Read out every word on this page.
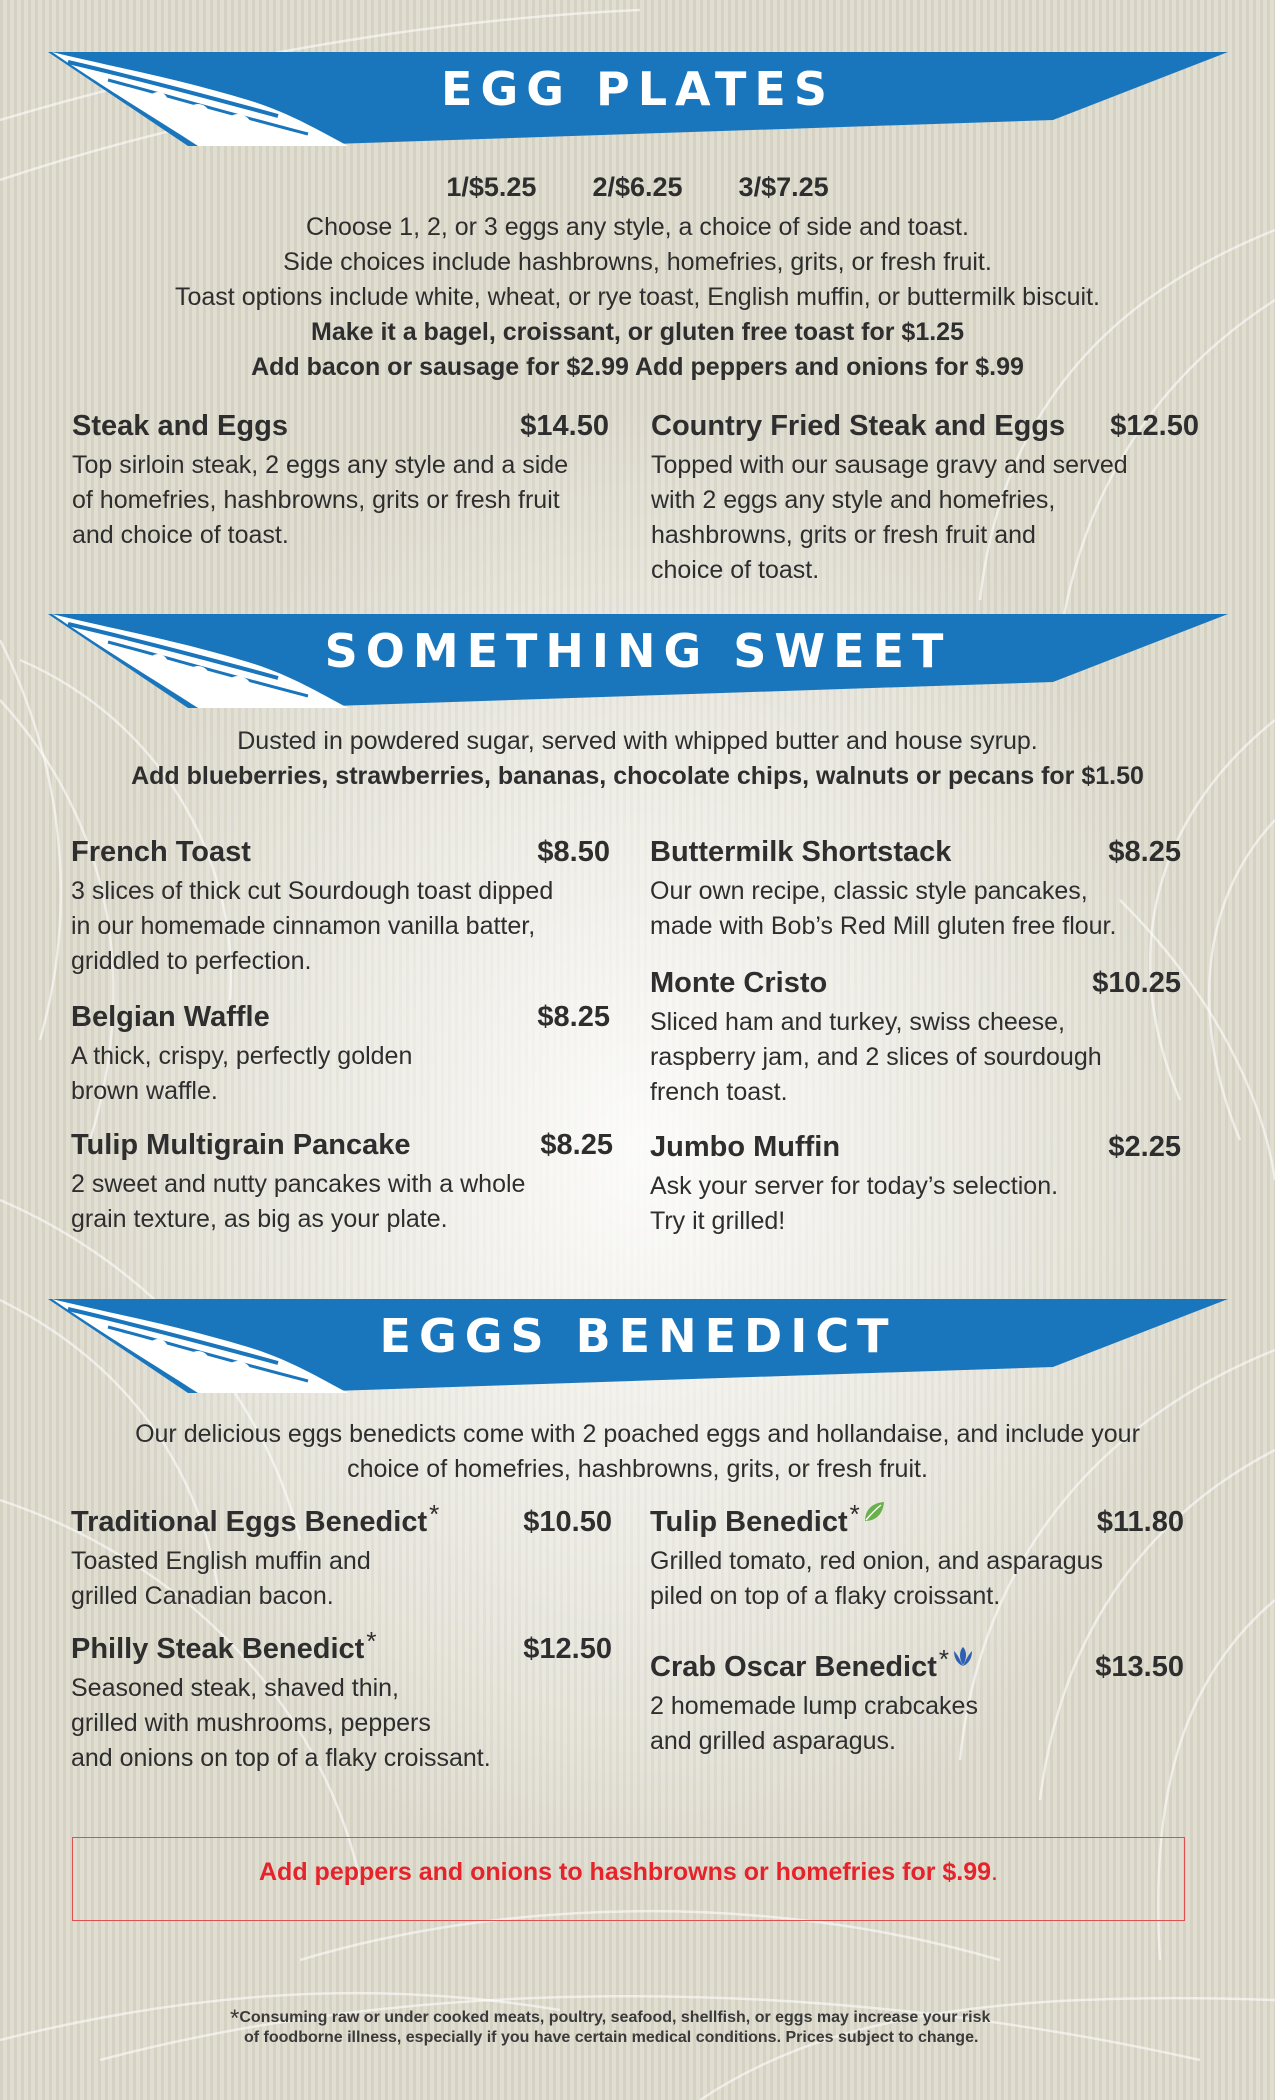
EGG PLATES
1/$5.25 2/$6.25 3/$7.25
Choose 1, 2, or 3 eggs any style, a choice of side and toast.
Side choices include hashbrowns, homefries, grits, or fresh fruit.
Toast options include white, wheat, or rye toast, English muffin, or buttermilk biscuit.
Make it a bagel, croissant, or gluten free toast for $1.25
Add bacon or sausage for $2.99 Add peppers and onions for $.99
Steak and Eggs	$14.50
Top sirloin steak, 2 eggs any style and a side
of homefries, hashbrowns, grits or fresh fruit
and choice of toast.
Country Fried Steak and Eggs $12.50
Topped with our sausage gravy and served
with 2 eggs any style and homefries,
hashbrowns, grits or fresh fruit and
choice of toast.
SOMETHING SWEET
Dusted in powdered sugar, served with whipped butter and house syrup.
Add blueberries, strawberries, bananas, chocolate chips, walnuts or pecans for $1.50
French Toast	$8.50
3 slices of thick cut Sourdough toast dipped
in our homemade cinnamon vanilla batter,
griddled to perfection.
Belgian Waffle	$8.25
A thick, crispy, perfectly golden
brown waffle.
Tulip Multigrain Pancake	$8.25
2 sweet and nutty pancakes with a whole
grain texture, as big as your plate.
Buttermilk Shortstack	$8.25
Our own recipe, classic style pancakes,
made with Bob’s Red Mill gluten free flour.
Monte Cristo	$10.25
Sliced ham and turkey, swiss cheese,
raspberry jam, and 2 slices of sourdough
french toast.
Jumbo Muffin	$2.25
Ask your server for today’s selection.
Try it grilled!
EGGS BENEDICT
Our delicious eggs benedicts come with 2 poached eggs and hollandaise, and include your
choice of homefries, hashbrowns, grits, or fresh fruit.
Traditional Eggs Benedict*	$10.50
Toasted English muffin and
grilled Canadian bacon.
Philly Steak Benedict*	$12.50
Seasoned steak, shaved thin,
grilled with mushrooms, peppers
and onions on top of a flaky croissant.
Tulip Benedict*	$11.80
Grilled tomato, red onion, and asparagus
piled on top of a flaky croissant.
Crab Oscar Benedict*	$13.50
2 homemade lump crabcakes
and grilled asparagus.
Add peppers and onions to hashbrowns or homefries for $.99.
*Consuming raw or under cooked meats, poultry, seafood, shellfish, or eggs may increase your risk
of foodborne illness, especially if you have certain medical conditions. Prices subject to change.
